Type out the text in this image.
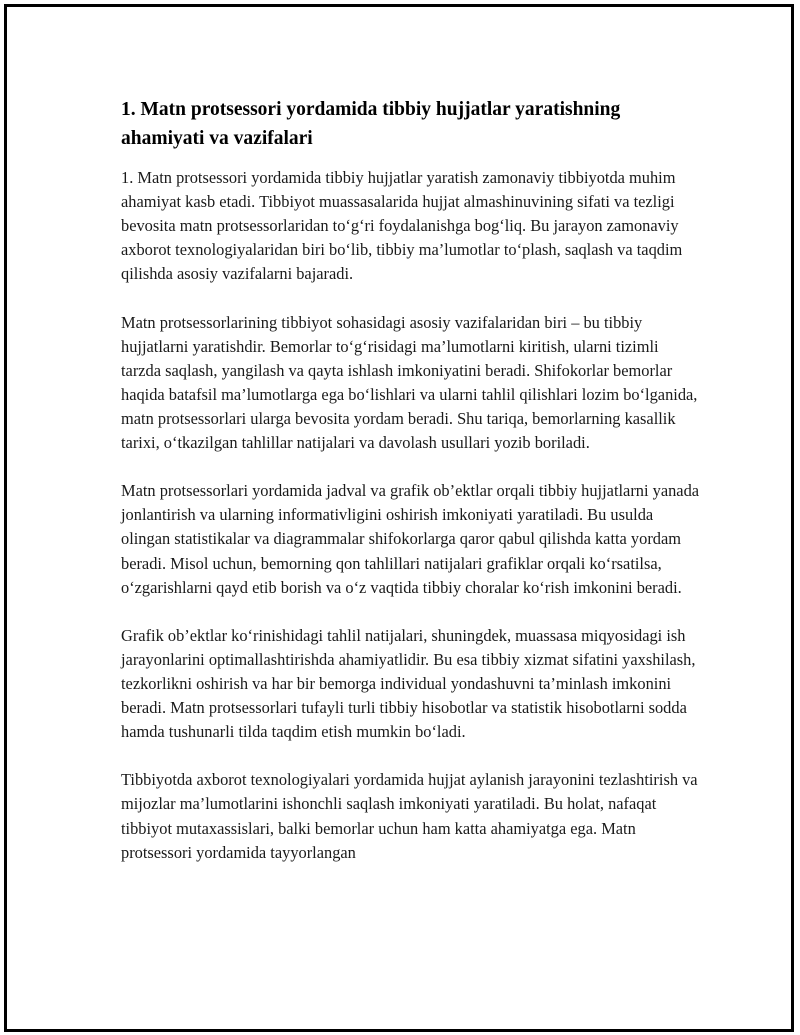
1. Matn protsessori yordamida tibbiy hujjatlar yaratishning ahamiyati va vazifalari

1. Matn protsessori yordamida tibbiy hujjatlar yaratish zamonaviy tibbiyotda muhim ahamiyat kasb etadi. Tibbiyot muassasalarida hujjat almashinuvining sifati va tezligi bevosita matn protsessorlaridan to‘g‘ri foydalanishga bog‘liq. Bu jarayon zamonaviy axborot texnologiyalaridan biri bo‘lib, tibbiy ma’lumotlar to‘plash, saqlash va taqdim qilishda asosiy vazifalarni bajaradi.

Matn protsessorlarining tibbiyot sohasidagi asosiy vazifalaridan biri – bu tibbiy hujjatlarni yaratishdir. Bemorlar to‘g‘risidagi ma’lumotlarni kiritish, ularni tizimli tarzda saqlash, yangilash va qayta ishlash imkoniyatini beradi. Shifokorlar bemorlar haqida batafsil ma’lumotlarga ega bo‘lishlari va ularni tahlil qilishlari lozim bo‘lganida, matn protsessorlari ularga bevosita yordam beradi. Shu tariqa, bemorlarning kasallik tarixi, o‘tkazilgan tahlillar natijalari va davolash usullari yozib boriladi.

Matn protsessorlari yordamida jadval va grafik ob’ektlar orqali tibbiy hujjatlarni yanada jonlantirish va ularning informativligini oshirish imkoniyati yaratiladi. Bu usulda olingan statistikalar va diagrammalar shifokorlarga qaror qabul qilishda katta yordam beradi. Misol uchun, bemorning qon tahlillari natijalari grafiklar orqali ko‘rsatilsa, o‘zgarishlarni qayd etib borish va o‘z vaqtida tibbiy choralar ko‘rish imkonini beradi.

Grafik ob’ektlar ko‘rinishidagi tahlil natijalari, shuningdek, muassasa miqyosidagi ish jarayonlarini optimallashtirishda ahamiyatlidir. Bu esa tibbiy xizmat sifatini yaxshilash, tezkorlikni oshirish va har bir bemorga individual yondashuvni ta’minlash imkonini beradi. Matn protsessorlari tufayli turli tibbiy hisobotlar va statistik hisobotlarni sodda hamda tushunarli tilda taqdim etish mumkin bo‘ladi.

Tibbiyotda axborot texnologiyalari yordamida hujjat aylanish jarayonini tezlashtirish va mijozlar ma’lumotlarini ishonchli saqlash imkoniyati yaratiladi. Bu holat, nafaqat tibbiyot mutaxassislari, balki bemorlar uchun ham katta ahamiyatga ega. Matn protsessori yordamida tayyorlangan
